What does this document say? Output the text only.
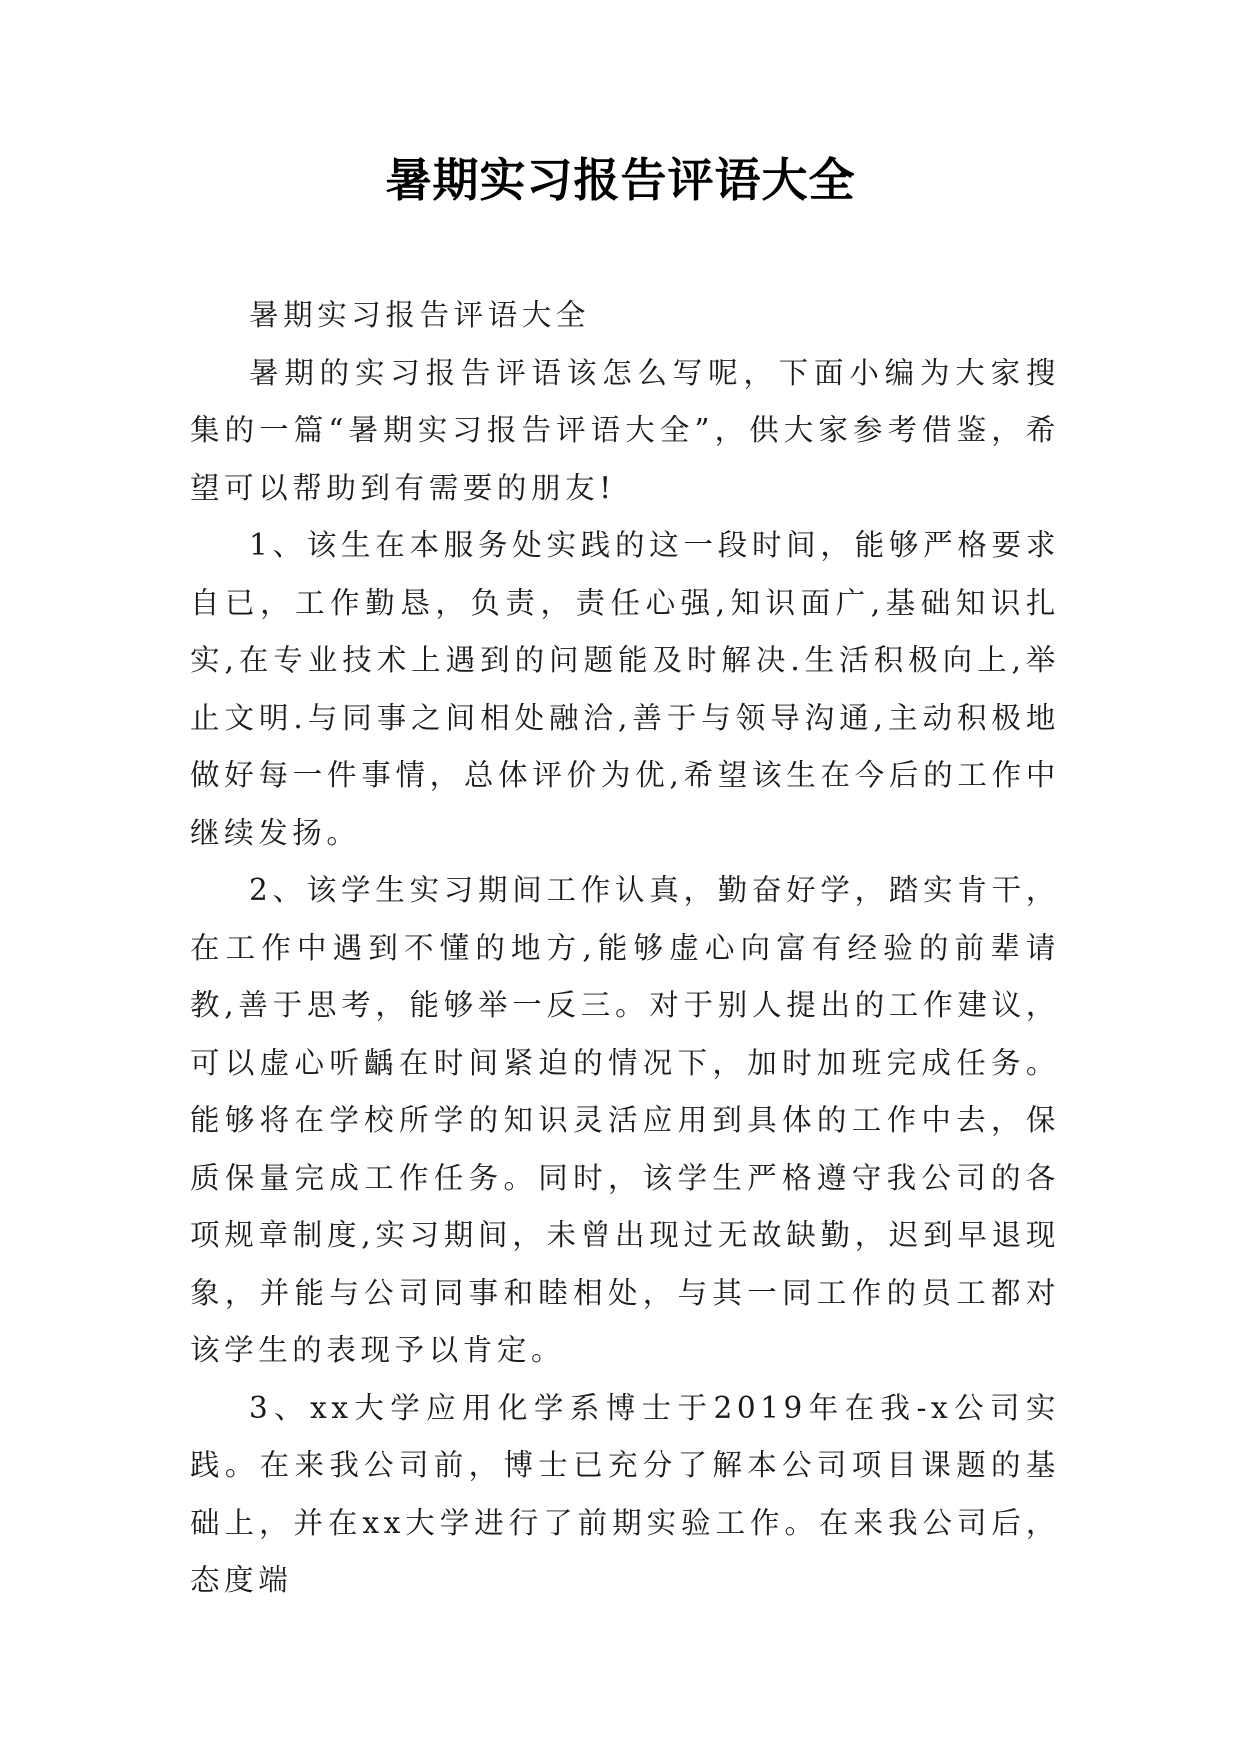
暑期实习报告评语大全

暑期实习报告评语大全

暑期的实习报告评语该怎么写呢，下面小编为大家搜集的一篇“暑期实习报告评语大全”，供大家参考借鉴，希望可以帮助到有需要的朋友!

1、该生在本服务处实践的这一段时间，能够严格要求自已，工作勤恳，负责，责任心强,知识面广,基础知识扎实,在专业技术上遇到的问题能及时解决.生活积极向上,举止文明.与同事之间相处融洽,善于与领导沟通,主动积极地做好每一件事情，总体评价为优,希望该生在今后的工作中继续发扬。

2、该学生实习期间工作认真，勤奋好学，踏实肯干，在工作中遇到不懂的地方,能够虚心向富有经验的前辈请教,善于思考，能够举一反三。对于别人提出的工作建议，可以虚心听齲在时间紧迫的情况下，加时加班完成任务。能够将在学校所学的知识灵活应用到具体的工作中去，保质保量完成工作任务。同时，该学生严格遵守我公司的各项规章制度,实习期间，未曾出现过无故缺勤，迟到早退现象，并能与公司同事和睦相处，与其一同工作的员工都对该学生的表现予以肯定。

3、xx大学应用化学系博士于2019年在我-x公司实践。在来我公司前，博士已充分了解本公司项目课题的基础上，并在xx大学进行了前期实验工作。在来我公司后，态度端
